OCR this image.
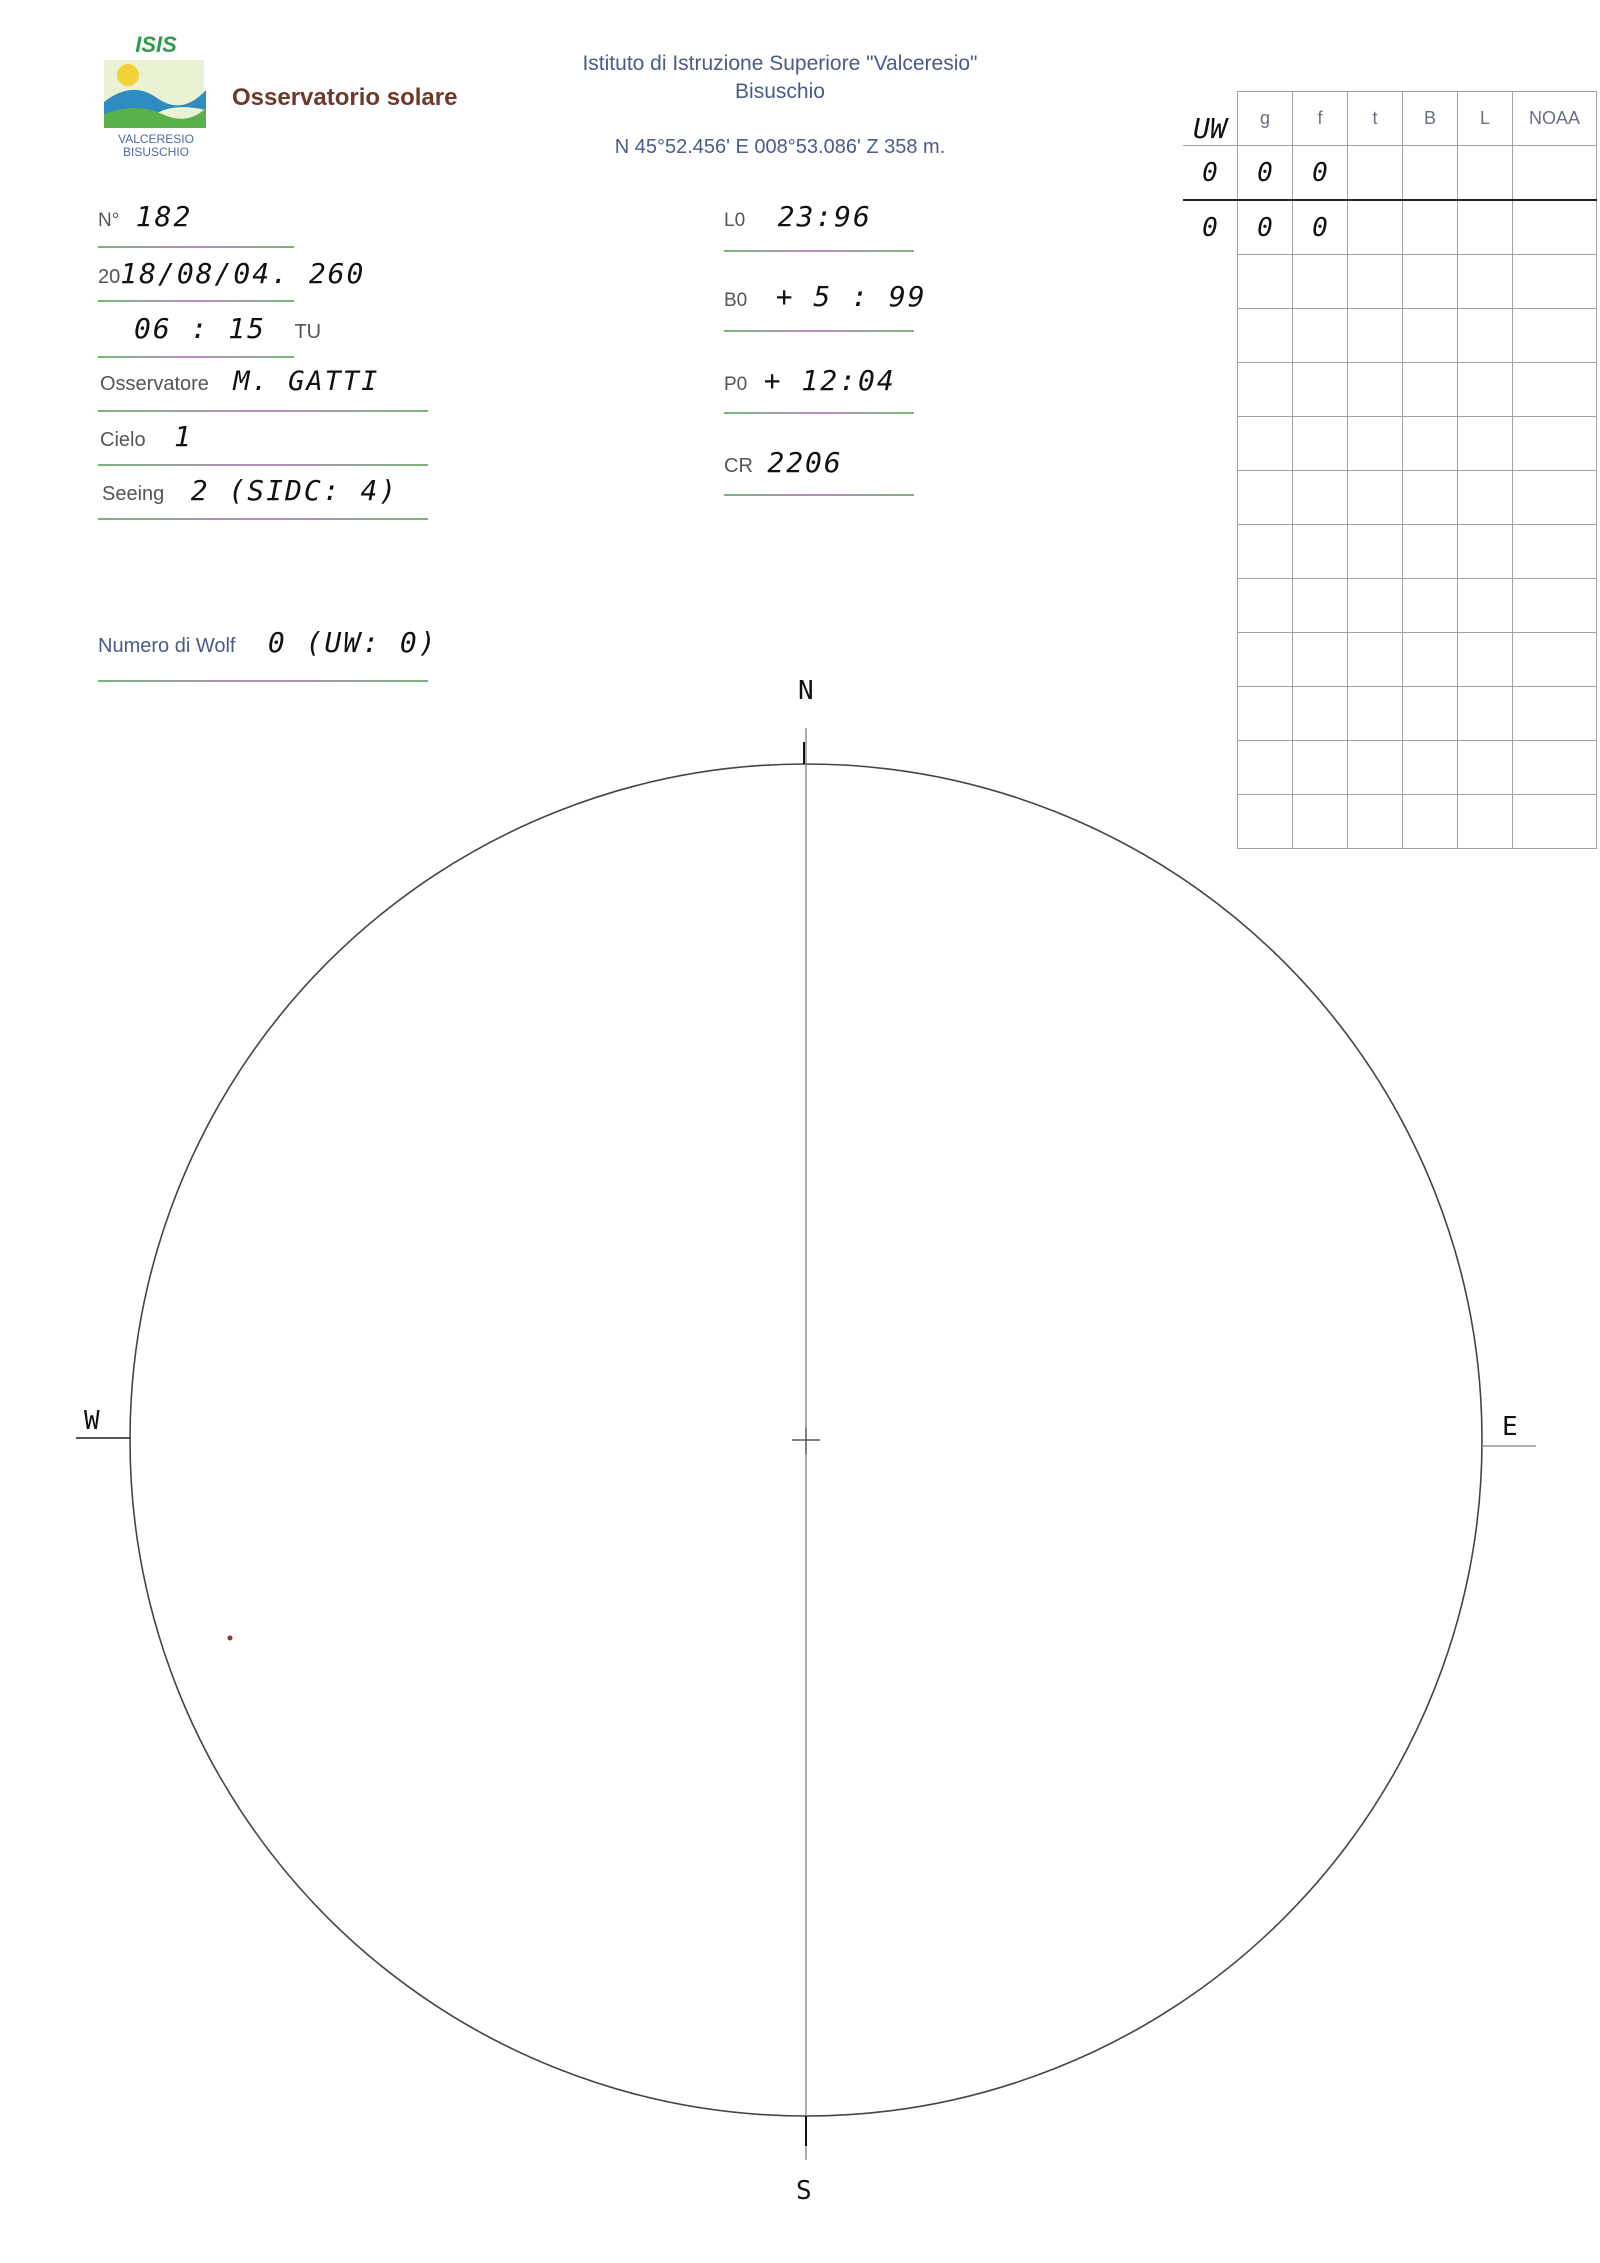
ISIS
VALCERESIO
BISUSCHIO
Osservatorio solare
Istituto di Istruzione Superiore "Valceresio"
Bisuschio
N 45°52.456' E 008°53.086' Z 358 m.
N° 182
2018/08/04. 260
06 : 15 TU
Osservatore M. GATTI
Cielo 1
Seeing 2 (SIDC: 4)
Numero di Wolf 0 (UW: 0)
L0 23:96
B0 + 5 : 99
P0 + 12:04
CR 2206
UW	g	f	t	B	L	NOAA
0	0	0				
0	0	0				

N
S
W	E
